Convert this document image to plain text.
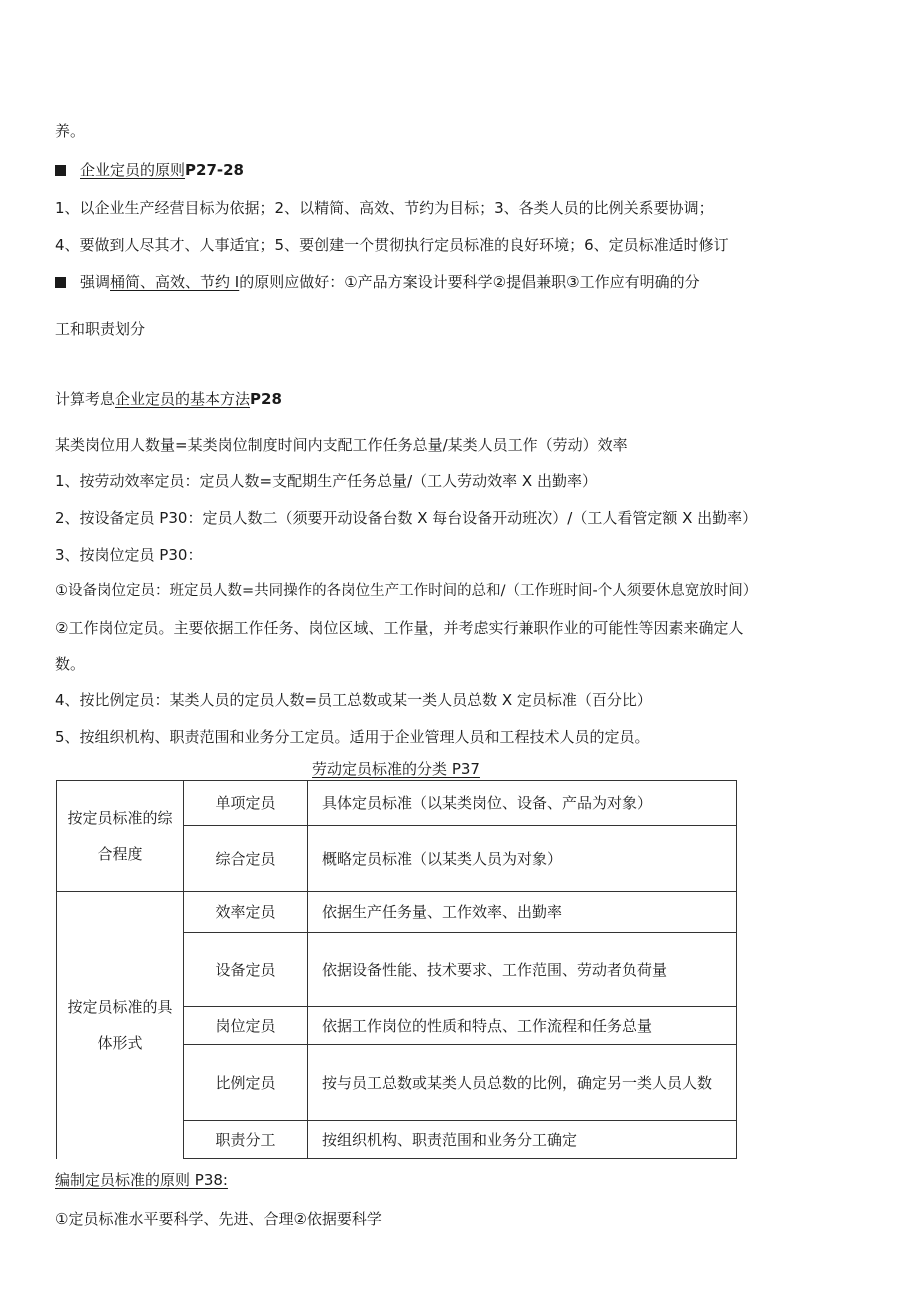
养。
企业定员的原则P27-28
1、以企业生产经营目标为依据；2、以精简、高效、节约为目标；3、各类人员的比例关系要协调；
4、要做到人尽其才、人事适宜；5、要创建一个贯彻执行定员标准的良好环境；6、定员标准适时修订
强调桶简、高效、节约 I的原则应做好：①产品方案设计要科学②提倡兼职③工作应有明确的分
工和职责划分
计算考息企业定员的基本方法P28
某类岗位用人数量=某类岗位制度时间内支配工作任务总量/某类人员工作（劳动）效率
1、按劳动效率定员：定员人数=支配期生产任务总量/（工人劳动效率 X 出勤率）
2、按设备定员 P30：定员人数二（须要开动设备台数 X 每台设备开动班次）/（工人看管定额 X 出勤率）
3、按岗位定员 P30：
①设备岗位定员：班定员人数=共同操作的各岗位生产工作时间的总和/（工作班时间-个人须要休息宽放时间）
②工作岗位定员。主要依据工作任务、岗位区域、工作量，并考虑实行兼职作业的可能性等因素来确定人
数。
4、按比例定员：某类人员的定员人数=员工总数或某一类人员总数 X 定员标准（百分比）
5、按组织机构、职责范围和业务分工定员。适用于企业管理人员和工程技术人员的定员。
劳动定员标准的分类 P37
按定员标准的综合程度	单项定员	具体定员标准（以某类岗位、设备、产品为对象）
	综合定员	概略定员标准（以某类人员为对象）
按定员标准的具体形式	效率定员	依据生产任务量、工作效率、出勤率
	设备定员	依据设备性能、技术要求、工作范围、劳动者负荷量
	岗位定员	依据工作岗位的性质和特点、工作流程和任务总量
	比例定员	按与员工总数或某类人员总数的比例，确定另一类人员人数
	职责分工	按组织机构、职责范围和业务分工确定
编制定员标准的原则 P38:
①定员标准水平要科学、先进、合理②依据要科学
